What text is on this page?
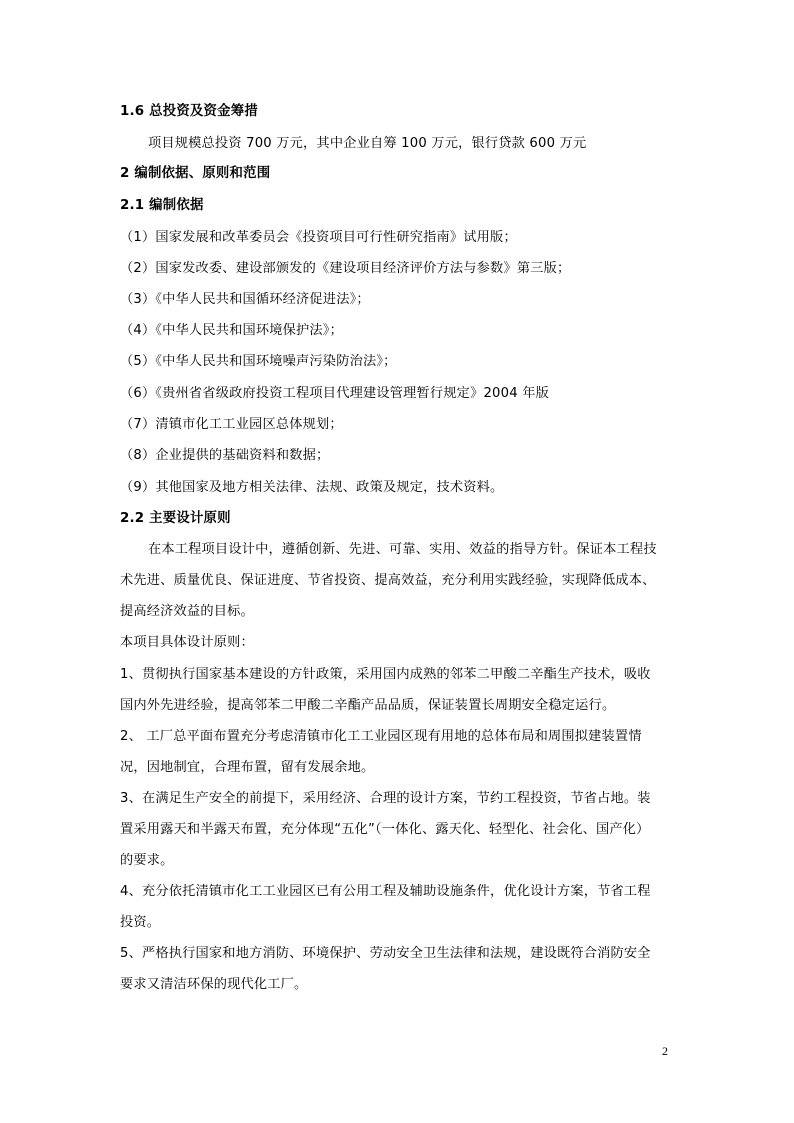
1.6 总投资及资金筹措
项目规模总投资 700 万元，其中企业自筹 100 万元，银行贷款 600 万元
2 编制依据、原则和范围
2.1 编制依据
（1）国家发展和改革委员会《投资项目可行性研究指南》试用版；
（2）国家发改委、建设部颁发的《建设项目经济评价方法与参数》第三版；
（3）《中华人民共和国循环经济促进法》；
（4）《中华人民共和国环境保护法》；
（5）《中华人民共和国环境噪声污染防治法》；
（6）《贵州省省级政府投资工程项目代理建设管理暂行规定》2004 年版
（7）清镇市化工工业园区总体规划；
（8）企业提供的基础资料和数据；
（9）其他国家及地方相关法律、法规、政策及规定，技术资料。
2.2 主要设计原则
在本工程项目设计中，遵循创新、先进、可靠、实用、效益的指导方针。保证本工程技
术先进、质量优良、保证进度、节省投资、提高效益，充分利用实践经验，实现降低成本、
提高经济效益的目标。
本项目具体设计原则：
1、贯彻执行国家基本建设的方针政策，采用国内成熟的邻苯二甲酸二辛酯生产技术，吸收
国内外先进经验，提高邻苯二甲酸二辛酯产品品质，保证装置长周期安全稳定运行。
2、 工厂总平面布置充分考虑清镇市化工工业园区现有用地的总体布局和周围拟建装置情
况，因地制宜，合理布置，留有发展余地。
3、在满足生产安全的前提下，采用经济、合理的设计方案，节约工程投资，节省占地。装
置采用露天和半露天布置，充分体现“五化”（一体化、露天化、轻型化、社会化、国产化）
的要求。
4、充分依托清镇市化工工业园区已有公用工程及辅助设施条件，优化设计方案，节省工程
投资。
5、严格执行国家和地方消防、环境保护、劳动安全卫生法律和法规，建设既符合消防安全
要求又清洁环保的现代化工厂。
2
